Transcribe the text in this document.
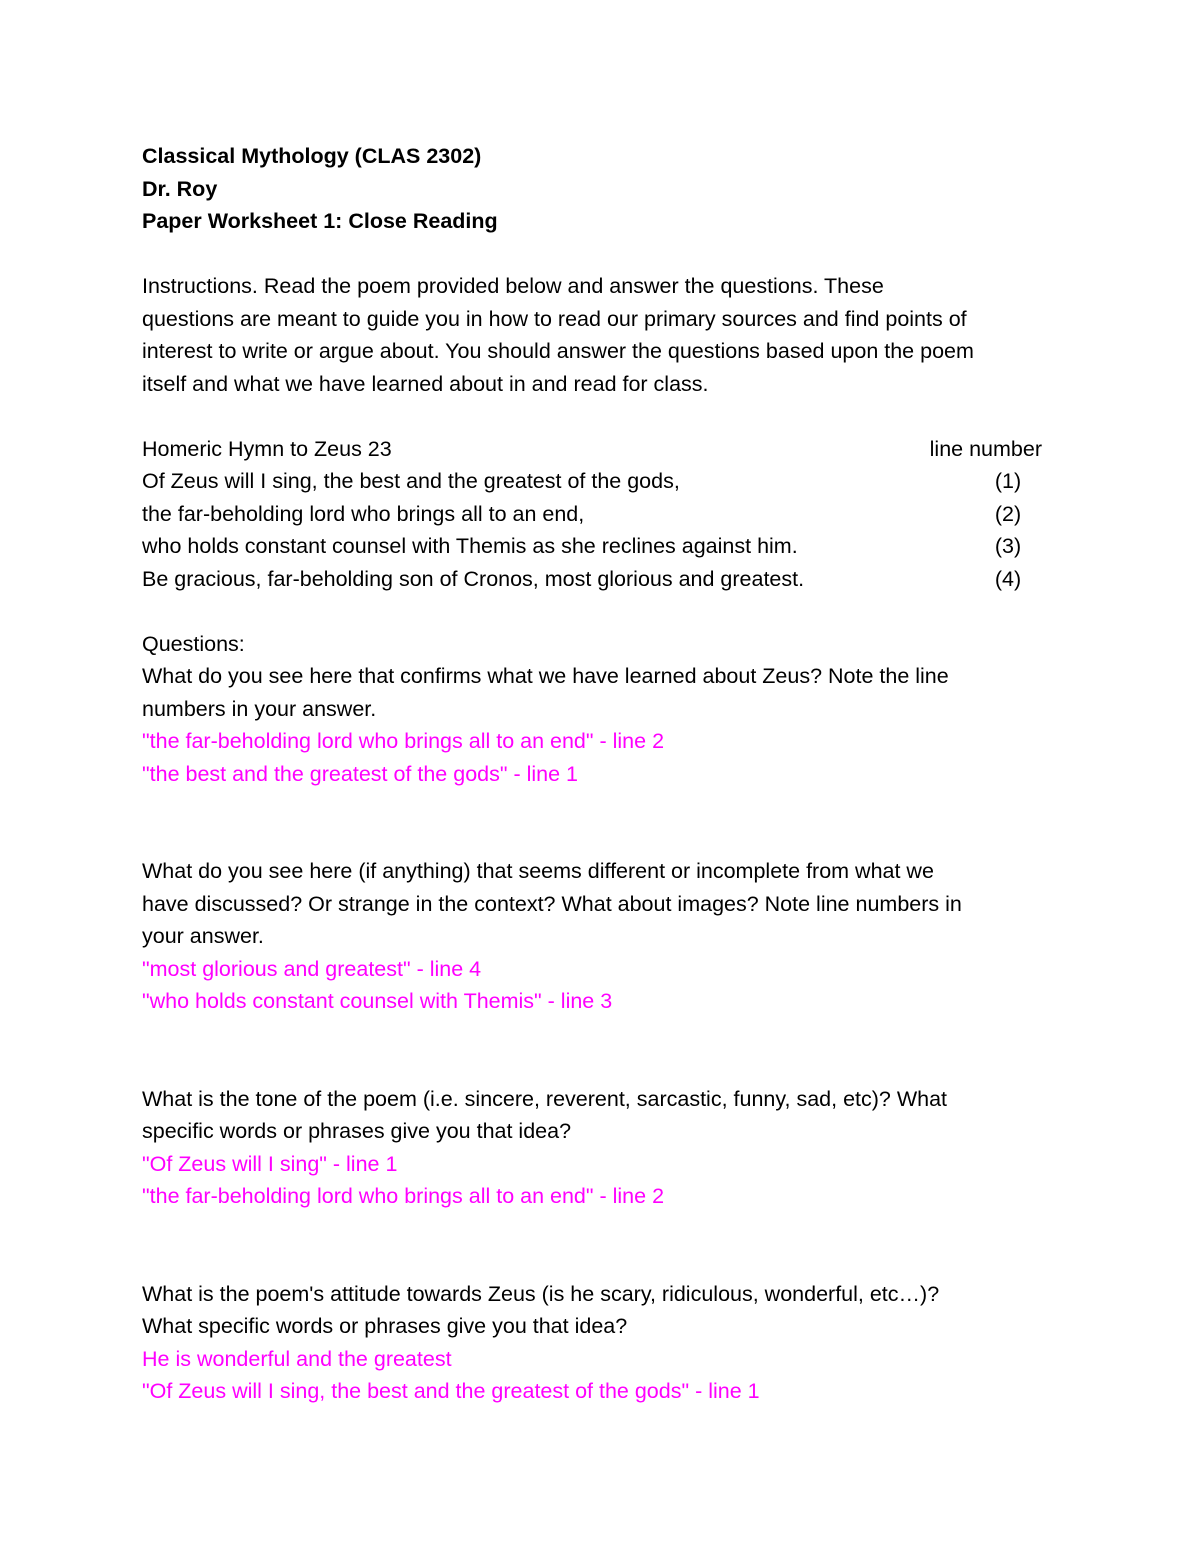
Classical Mythology (CLAS 2302)
Dr. Roy
Paper Worksheet 1: Close Reading
Instructions. Read the poem provided below and answer the questions. These
questions are meant to guide you in how to read our primary sources and find points of
interest to write or argue about. You should answer the questions based upon the poem
itself and what we have learned about in and read for class.
Homeric Hymn to Zeus 23	line number
Of Zeus will I sing, the best and the greatest of the gods,	(1)
the far-beholding lord who brings all to an end,	(2)
who holds constant counsel with Themis as she reclines against him.	(3)
Be gracious, far-beholding son of Cronos, most glorious and greatest.	(4)
Questions:
What do you see here that confirms what we have learned about Zeus? Note the line
numbers in your answer.
"the far-beholding lord who brings all to an end" - line 2
"the best and the greatest of the gods" - line 1
What do you see here (if anything) that seems different or incomplete from what we
have discussed? Or strange in the context? What about images? Note line numbers in
your answer.
"most glorious and greatest" - line 4
"who holds constant counsel with Themis" - line 3
What is the tone of the poem (i.e. sincere, reverent, sarcastic, funny, sad, etc)? What
specific words or phrases give you that idea?
"Of Zeus will I sing" - line 1
"the far-beholding lord who brings all to an end" - line 2
What is the poem's attitude towards Zeus (is he scary, ridiculous, wonderful, etc…)?
What specific words or phrases give you that idea?
He is wonderful and the greatest
"Of Zeus will I sing, the best and the greatest of the gods" - line 1
